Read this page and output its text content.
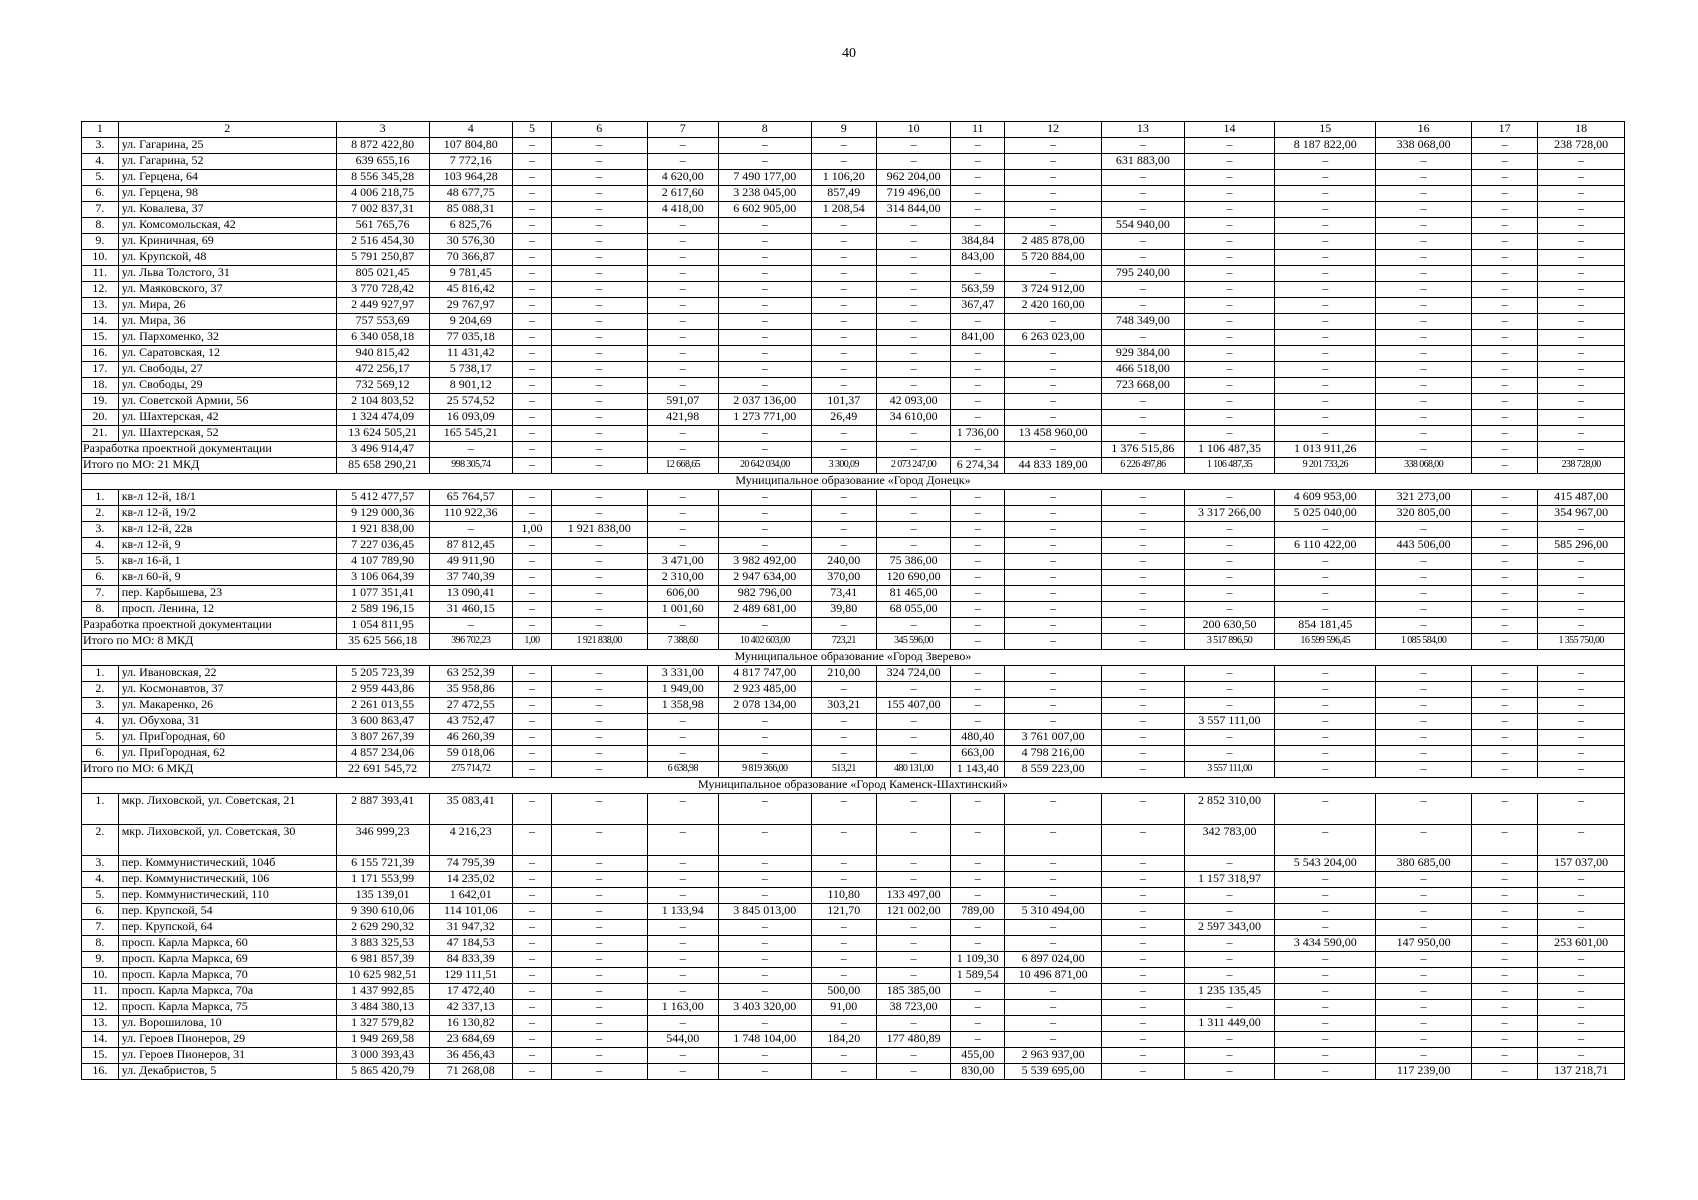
40
1	2	3	4	5	6	7	8	9	10	11	12	13	14	15	16	17	18
3.	ул. Гагарина, 25	8 872 422,80	107 804,80	–	–	–	–	–	–	–	–	–	–	8 187 822,00	338 068,00	–	238 728,00
4.	ул. Гагарина, 52	639 655,16	7 772,16	–	–	–	–	–	–	–	–	631 883,00	–	–	–	–	–
5.	ул. Герцена, 64	8 556 345,28	103 964,28	–	–	4 620,00	7 490 177,00	1 106,20	962 204,00	–	–	–	–	–	–	–	–
6.	ул. Герцена, 98	4 006 218,75	48 677,75	–	–	2 617,60	3 238 045,00	857,49	719 496,00	–	–	–	–	–	–	–	–
7.	ул. Ковалева, 37	7 002 837,31	85 088,31	–	–	4 418,00	6 602 905,00	1 208,54	314 844,00	–	–	–	–	–	–	–	–
8.	ул. Комсомольская, 42	561 765,76	6 825,76	–	–	–	–	–	–	–	–	554 940,00	–	–	–	–	–
9.	ул. Криничная, 69	2 516 454,30	30 576,30	–	–	–	–	–	–	384,84	2 485 878,00	–	–	–	–	–	–
10.	ул. Крупской, 48	5 791 250,87	70 366,87	–	–	–	–	–	–	843,00	5 720 884,00	–	–	–	–	–	–
11.	ул. Льва Толстого, 31	805 021,45	9 781,45	–	–	–	–	–	–	–	–	795 240,00	–	–	–	–	–
12.	ул. Маяковского, 37	3 770 728,42	45 816,42	–	–	–	–	–	–	563,59	3 724 912,00	–	–	–	–	–	–
13.	ул. Мира, 26	2 449 927,97	29 767,97	–	–	–	–	–	–	367,47	2 420 160,00	–	–	–	–	–	–
14.	ул. Мира, 36	757 553,69	9 204,69	–	–	–	–	–	–	–	–	748 349,00	–	–	–	–	–
15.	ул. Пархоменко, 32	6 340 058,18	77 035,18	–	–	–	–	–	–	841,00	6 263 023,00	–	–	–	–	–	–
16.	ул. Саратовская, 12	940 815,42	11 431,42	–	–	–	–	–	–	–	–	929 384,00	–	–	–	–	–
17.	ул. Свободы, 27	472 256,17	5 738,17	–	–	–	–	–	–	–	–	466 518,00	–	–	–	–	–
18.	ул. Свободы, 29	732 569,12	8 901,12	–	–	–	–	–	–	–	–	723 668,00	–	–	–	–	–
19.	ул. Советской Армии, 56	2 104 803,52	25 574,52	–	–	591,07	2 037 136,00	101,37	42 093,00	–	–	–	–	–	–	–	–
20.	ул. Шахтерская, 42	1 324 474,09	16 093,09	–	–	421,98	1 273 771,00	26,49	34 610,00	–	–	–	–	–	–	–	–
21.	ул. Шахтерская, 52	13 624 505,21	165 545,21	–	–	–	–	–	–	1 736,00	13 458 960,00	–	–	–	–	–	–
Разработка проектной документации		3 496 914,47	–	–	–	–	–	–	–	–	–	1 376 515,86	1 106 487,35	1 013 911,26	–	–	–
Итого по МО: 21 МКД		85 658 290,21	998 305,74	–	–	12 668,65	20 642 034,00	3 300,09	2 073 247,00	6 274,34	44 833 189,00	6 226 497,86	1 106 487,35	9 201 733,26	338 068,00	–	238 728,00
Муниципальное образование «Город Донецк»																	
1.	кв-л 12-й, 18/1	5 412 477,57	65 764,57	–	–	–	–	–	–	–	–	–	–	4 609 953,00	321 273,00	–	415 487,00
2.	кв-л 12-й, 19/2	9 129 000,36	110 922,36	–	–	–	–	–	–	–	–	–	3 317 266,00	5 025 040,00	320 805,00	–	354 967,00
3.	кв-л 12-й, 22в	1 921 838,00	–	1,00	1 921 838,00	–	–	–	–	–	–	–	–	–	–	–	–
4.	кв-л 12-й, 9	7 227 036,45	87 812,45	–	–	–	–	–	–	–	–	–	–	6 110 422,00	443 506,00	–	585 296,00
5.	кв-л 16-й, 1	4 107 789,90	49 911,90	–	–	3 471,00	3 982 492,00	240,00	75 386,00	–	–	–	–	–	–	–	–
6.	кв-л 60-й, 9	3 106 064,39	37 740,39	–	–	2 310,00	2 947 634,00	370,00	120 690,00	–	–	–	–	–	–	–	–
7.	пер. Карбышева, 23	1 077 351,41	13 090,41	–	–	606,00	982 796,00	73,41	81 465,00	–	–	–	–	–	–	–	–
8.	просп. Ленина, 12	2 589 196,15	31 460,15	–	–	1 001,60	2 489 681,00	39,80	68 055,00	–	–	–	–	–	–	–	–
Разработка проектной документации		1 054 811,95	–	–	–	–	–	–	–	–	–	–	200 630,50	854 181,45	–	–	–
Итого по МО: 8 МКД		35 625 566,18	396 702,23	1,00	1 921 838,00	7 388,60	10 402 603,00	723,21	345 596,00	–	–	–	3 517 896,50	16 599 596,45	1 085 584,00	–	1 355 750,00
Муниципальное образование «Город Зверево»																	
1.	ул. Ивановская, 22	5 205 723,39	63 252,39	–	–	3 331,00	4 817 747,00	210,00	324 724,00	–	–	–	–	–	–	–	–
2.	ул. Космонавтов, 37	2 959 443,86	35 958,86	–	–	1 949,00	2 923 485,00	–	–	–	–	–	–	–	–	–	–
3.	ул. Макаренко, 26	2 261 013,55	27 472,55	–	–	1 358,98	2 078 134,00	303,21	155 407,00	–	–	–	–	–	–	–	–
4.	ул. Обухова, 31	3 600 863,47	43 752,47	–	–	–	–	–	–	–	–	–	3 557 111,00	–	–	–	–
5.	ул. ПриГородная, 60	3 807 267,39	46 260,39	–	–	–	–	–	–	480,40	3 761 007,00	–	–	–	–	–	–
6.	ул. ПриГородная, 62	4 857 234,06	59 018,06	–	–	–	–	–	–	663,00	4 798 216,00	–	–	–	–	–	–
Итого по МО: 6 МКД		22 691 545,72	275 714,72	–	–	6 638,98	9 819 366,00	513,21	480 131,00	1 143,40	8 559 223,00	–	3 557 111,00	–	–	–	–
Муниципальное образование «Город Каменск-Шахтинский»																	
1.	мкр. Лиховской, ул. Советская, 21	2 887 393,41	35 083,41	–	–	–	–	–	–	–	–	–	2 852 310,00	–	–	–	–
2.	мкр. Лиховской, ул. Советская, 30	346 999,23	4 216,23	–	–	–	–	–	–	–	–	–	342 783,00	–	–	–	–
3.	пер. Коммунистический, 104б	6 155 721,39	74 795,39	–	–	–	–	–	–	–	–	–	–	5 543 204,00	380 685,00	–	157 037,00
4.	пер. Коммунистический, 106	1 171 553,99	14 235,02	–	–	–	–	–	–	–	–	–	1 157 318,97	–	–	–	–
5.	пер. Коммунистический, 110	135 139,01	1 642,01	–	–	–	–	110,80	133 497,00	–	–	–	–	–	–	–	–
6.	пер. Крупской, 54	9 390 610,06	114 101,06	–	–	1 133,94	3 845 013,00	121,70	121 002,00	789,00	5 310 494,00	–	–	–	–	–	–
7.	пер. Крупской, 64	2 629 290,32	31 947,32	–	–	–	–	–	–	–	–	–	2 597 343,00	–	–	–	–
8.	просп. Карла Маркса, 60	3 883 325,53	47 184,53	–	–	–	–	–	–	–	–	–	–	3 434 590,00	147 950,00	–	253 601,00
9.	просп. Карла Маркса, 69	6 981 857,39	84 833,39	–	–	–	–	–	–	1 109,30	6 897 024,00	–	–	–	–	–	–
10.	просп. Карла Маркса, 70	10 625 982,51	129 111,51	–	–	–	–	–	–	1 589,54	10 496 871,00	–	–	–	–	–	–
11.	просп. Карла Маркса, 70а	1 437 992,85	17 472,40	–	–	–	–	500,00	185 385,00	–	–	–	1 235 135,45	–	–	–	–
12.	просп. Карла Маркса, 75	3 484 380,13	42 337,13	–	–	1 163,00	3 403 320,00	91,00	38 723,00	–	–	–	–	–	–	–	–
13.	ул. Ворошилова, 10	1 327 579,82	16 130,82	–	–	–	–	–	–	–	–	–	1 311 449,00	–	–	–	–
14.	ул. Героев Пионеров, 29	1 949 269,58	23 684,69	–	–	544,00	1 748 104,00	184,20	177 480,89	–	–	–	–	–	–	–	–
15.	ул. Героев Пионеров, 31	3 000 393,43	36 456,43	–	–	–	–	–	–	455,00	2 963 937,00	–	–	–	–	–	–
16.	ул. Декабристов, 5	5 865 420,79	71 268,08	–	–	–	–	–	–	830,00	5 539 695,00	–	–	–	117 239,00	–	137 218,71
